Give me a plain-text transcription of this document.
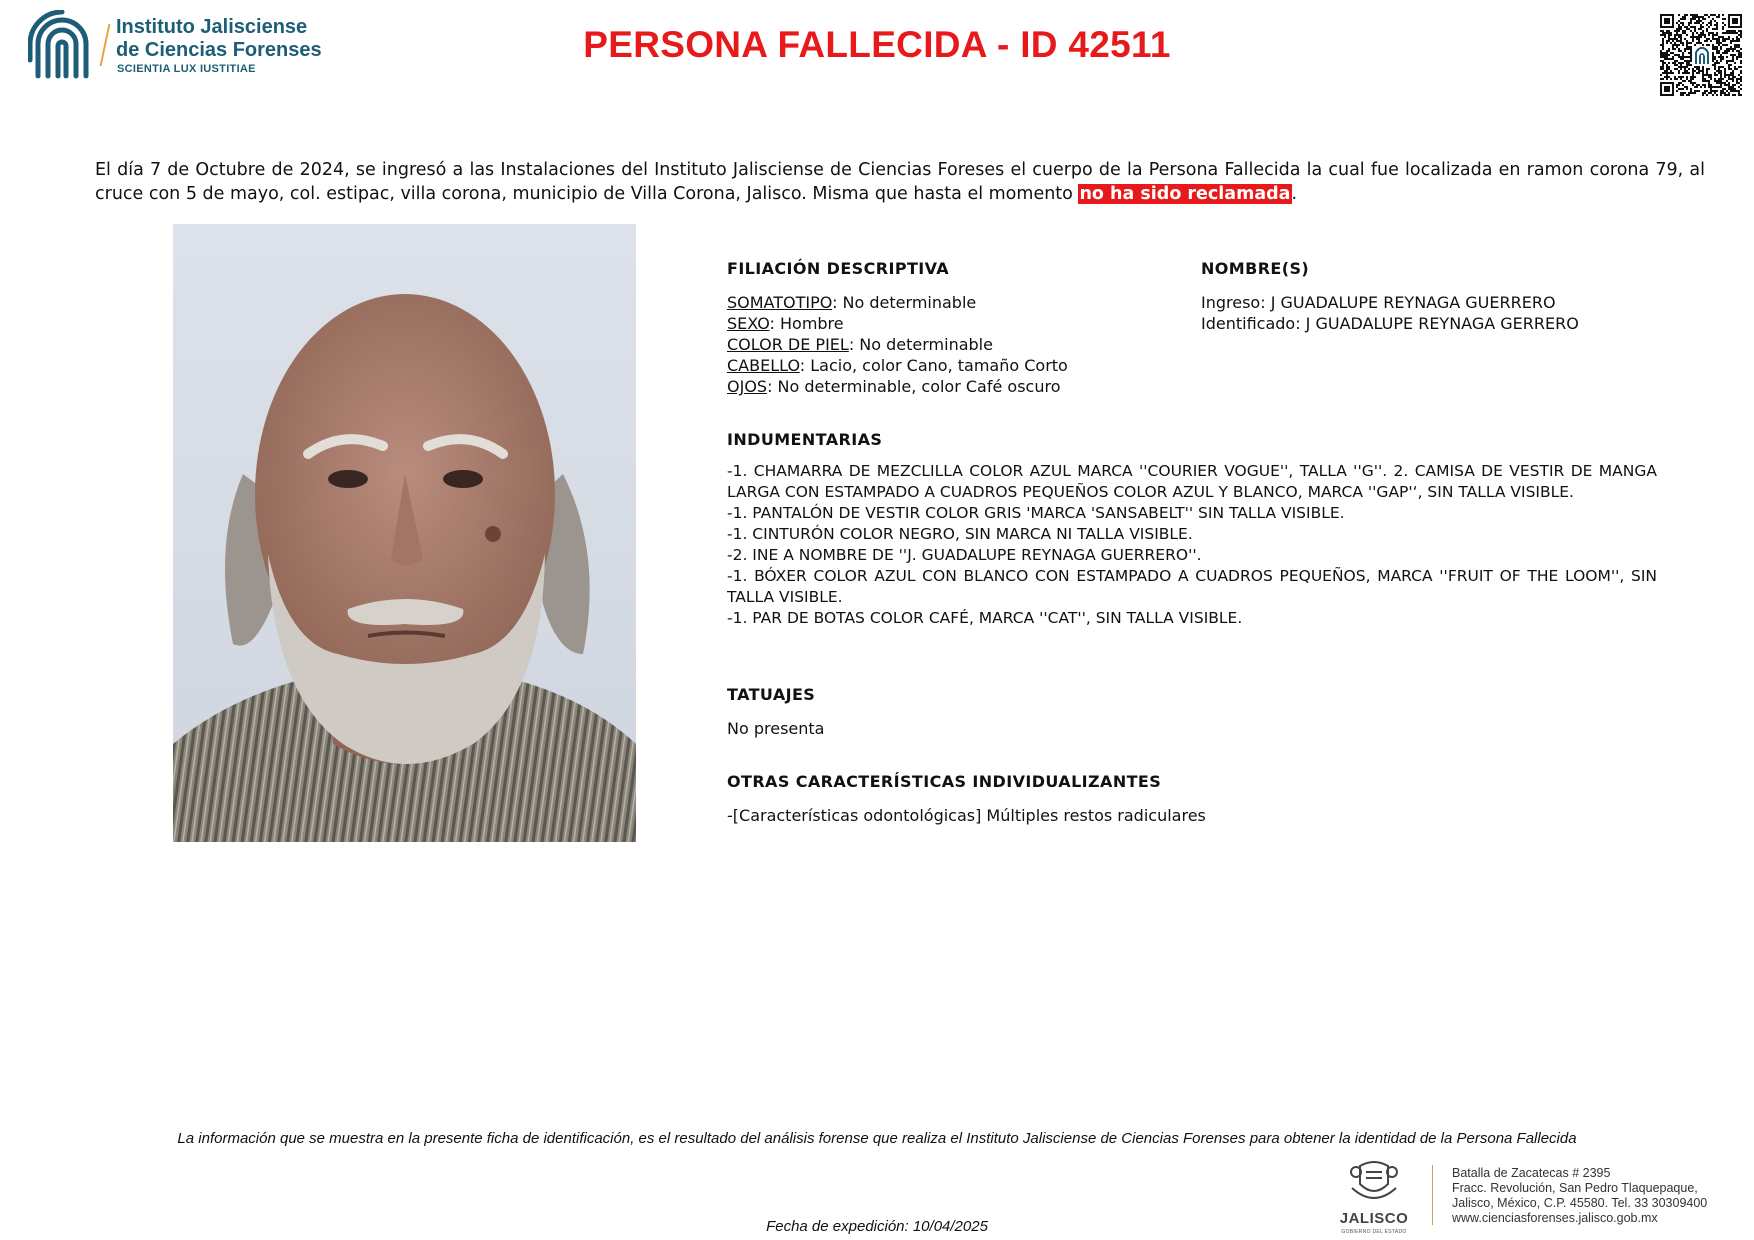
Instituto Jalisciense
de Ciencias Forenses
SCIENTIA LUX IUSTITIAE
PERSONA FALLECIDA - ID 42511
El día 7 de Octubre de 2024, se ingresó a las Instalaciones del Instituto Jalisciense de Ciencias Foreses el cuerpo de la Persona Fallecida la cual fue localizada en ramon corona 79, al cruce con 5 de mayo, col. estipac, villa corona, municipio de Villa Corona, Jalisco. Misma que hasta el momento no ha sido reclamada.
FILIACIÓN DESCRIPTIVA
SOMATOTIPO: No determinable
SEXO: Hombre
COLOR DE PIEL: No determinable
CABELLO: Lacio, color Cano, tamaño Corto
OJOS: No determinable, color Café oscuro
NOMBRE(S)
Ingreso: J GUADALUPE REYNAGA GUERRERO
Identificado: J GUADALUPE REYNAGA GERRERO
INDUMENTARIAS
-1. CHAMARRA DE MEZCLILLA COLOR AZUL MARCA ''COURIER VOGUE'', TALLA ''G''. 2. CAMISA DE VESTIR DE MANGA LARGA CON ESTAMPADO A CUADROS PEQUEÑOS COLOR AZUL Y BLANCO, MARCA ''GAP'‘, SIN TALLA VISIBLE.
-1. PANTALÓN DE VESTIR COLOR GRIS 'MARCA 'SANSABELT'' SIN TALLA VISIBLE.
-1. CINTURÓN COLOR NEGRO, SIN MARCA NI TALLA VISIBLE.
-2. INE A NOMBRE DE ''J. GUADALUPE REYNAGA GUERRERO''.
-1. BÓXER COLOR AZUL CON BLANCO CON ESTAMPADO A CUADROS PEQUEÑOS, MARCA ''FRUIT OF THE LOOM'', SIN TALLA VISIBLE.
-1. PAR DE BOTAS COLOR CAFÉ, MARCA ''CAT'', SIN TALLA VISIBLE.
TATUAJES
No presenta
OTRAS CARACTERÍSTICAS INDIVIDUALIZANTES
-[Características odontológicas] Múltiples restos radiculares
La información que se muestra en la presente ficha de identificación, es el resultado del análisis forense que realiza el Instituto Jalisciense de Ciencias Forenses para obtener la identidad de la Persona Fallecida
Fecha de expedición: 10/04/2025	JALISCO
GOBIERNO DEL ESTADO
Batalla de Zacatecas # 2395
Fracc. Revolución, San Pedro Tlaquepaque,
Jalisco, México, C.P. 45580. Tel. 33 30309400
www.cienciasforenses.jalisco.gob.mx
